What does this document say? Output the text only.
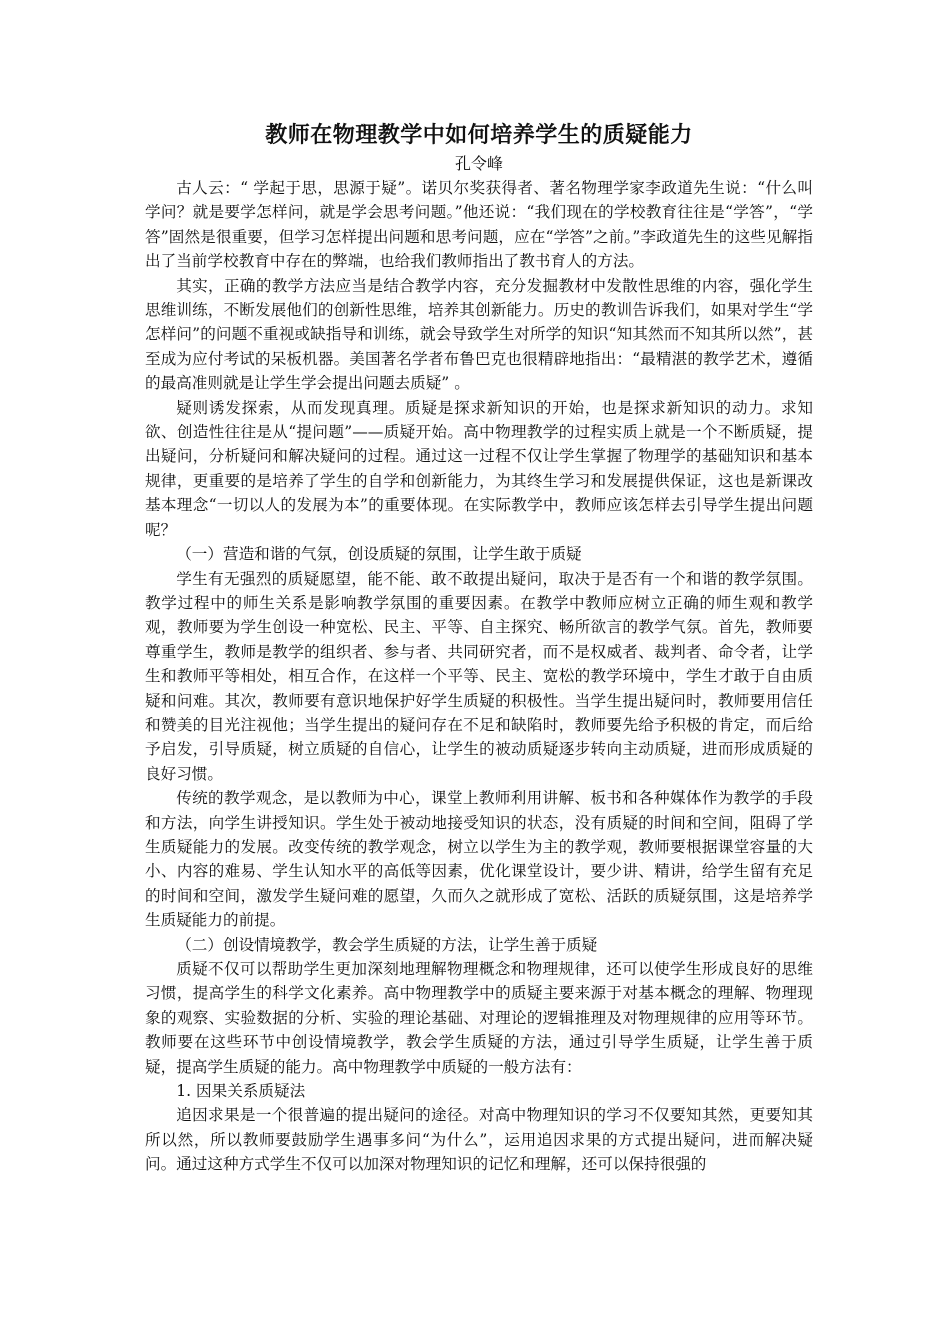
教师在物理教学中如何培养学生的质疑能力

孔令峰

古人云：“ 学起于思，思源于疑”。诺贝尔奖获得者、著名物理学家李政道先生说：“什么叫学问？就是要学怎样问，就是学会思考问题。”他还说：“我们现在的学校教育往往是“学答”，“学答”固然是很重要，但学习怎样提出问题和思考问题，应在“学答”之前。”李政道先生的这些见解指出了当前学校教育中存在的弊端，也给我们教师指出了教书育人的方法。

其实，正确的教学方法应当是结合教学内容，充分发掘教材中发散性思维的内容，强化学生思维训练，不断发展他们的创新性思维，培养其创新能力。历史的教训告诉我们，如果对学生“学怎样问”的问题不重视或缺指导和训练，就会导致学生对所学的知识“知其然而不知其所以然”，甚至成为应付考试的呆板机器。美国著名学者布鲁巴克也很精辟地指出：“最精湛的教学艺术，遵循的最高准则就是让学生学会提出问题去质疑” 。

疑则诱发探索，从而发现真理。质疑是探求新知识的开始，也是探求新知识的动力。求知欲、创造性往往是从“提问题”——质疑开始。高中物理教学的过程实质上就是一个不断质疑，提出疑问，分析疑问和解决疑问的过程。通过这一过程不仅让学生掌握了物理学的基础知识和基本规律，更重要的是培养了学生的自学和创新能力，为其终生学习和发展提供保证，这也是新课改基本理念“一切以人的发展为本”的重要体现。在实际教学中，教师应该怎样去引导学生提出问题呢？

（一）营造和谐的气氛，创设质疑的氛围，让学生敢于质疑

学生有无强烈的质疑愿望，能不能、敢不敢提出疑问，取决于是否有一个和谐的教学氛围。教学过程中的师生关系是影响教学氛围的重要因素。在教学中教师应树立正确的师生观和教学观，教师要为学生创设一种宽松、民主、平等、自主探究、畅所欲言的教学气氛。首先，教师要尊重学生，教师是教学的组织者、参与者、共同研究者，而不是权威者、裁判者、命令者，让学生和教师平等相处，相互合作，在这样一个平等、民主、宽松的教学环境中，学生才敢于自由质疑和问难。其次，教师要有意识地保护好学生质疑的积极性。当学生提出疑问时，教师要用信任和赞美的目光注视他；当学生提出的疑问存在不足和缺陷时，教师要先给予积极的肯定，而后给予启发，引导质疑，树立质疑的自信心，让学生的被动质疑逐步转向主动质疑，进而形成质疑的良好习惯。

传统的教学观念，是以教师为中心，课堂上教师利用讲解、板书和各种媒体作为教学的手段和方法，向学生讲授知识。学生处于被动地接受知识的状态，没有质疑的时间和空间，阻碍了学生质疑能力的发展。改变传统的教学观念，树立以学生为主的教学观，教师要根据课堂容量的大小、内容的难易、学生认知水平的高低等因素，优化课堂设计，要少讲、精讲，给学生留有充足的时间和空间，激发学生疑问难的愿望，久而久之就形成了宽松、活跃的质疑氛围，这是培养学生质疑能力的前提。

（二）创设情境教学，教会学生质疑的方法，让学生善于质疑

质疑不仅可以帮助学生更加深刻地理解物理概念和物理规律，还可以使学生形成良好的思维习惯，提高学生的科学文化素养。高中物理教学中的质疑主要来源于对基本概念的理解、物理现象的观察、实验数据的分析、实验的理论基础、对理论的逻辑推理及对物理规律的应用等环节。教师要在这些环节中创设情境教学，教会学生质疑的方法，通过引导学生质疑，让学生善于质疑，提高学生质疑的能力。高中物理教学中质疑的一般方法有：

1. 因果关系质疑法

追因求果是一个很普遍的提出疑问的途径。对高中物理知识的学习不仅要知其然，更要知其所以然，所以教师要鼓励学生遇事多问“为什么”，运用追因求果的方式提出疑问，进而解决疑问。通过这种方式学生不仅可以加深对物理知识的记忆和理解，还可以保持很强的
